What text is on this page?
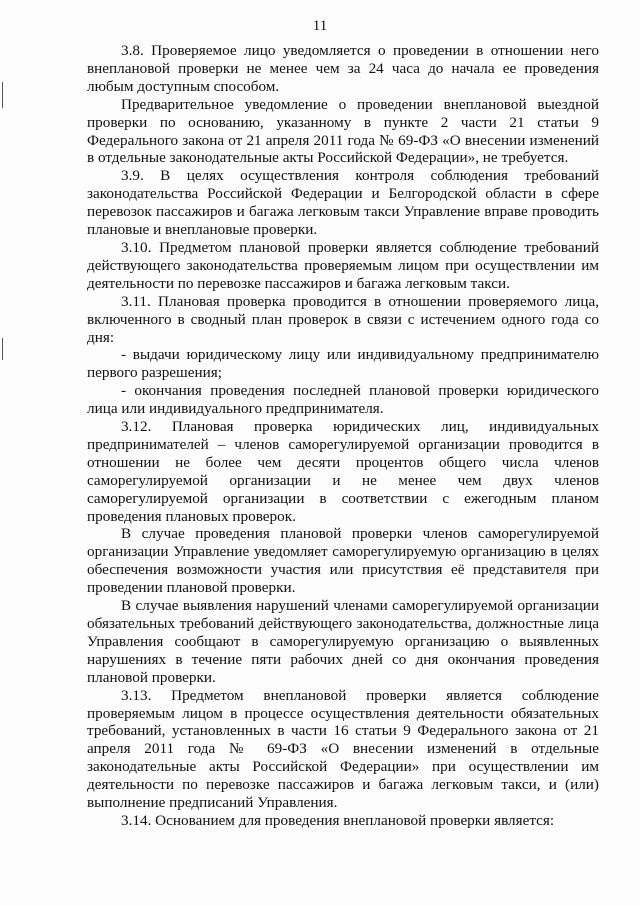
11

3.8. Проверяемое лицо уведомляется о проведении в отношении него внеплановой проверки не менее чем за 24 часа до начала ее проведения любым доступным способом.

Предварительное уведомление о проведении внеплановой выездной проверки по основанию, указанному в пункте 2 части 21 статьи 9 Федерального закона от 21 апреля 2011 года № 69-ФЗ «О внесении изменений в отдельные законодательные акты Российской Федерации», не требуется.

3.9. В целях осуществления контроля соблюдения требований законодательства Российской Федерации и Белгородской области в сфере перевозок пассажиров и багажа легковым такси Управление вправе проводить плановые и внеплановые проверки.

3.10. Предметом плановой проверки является соблюдение требований действующего законодательства проверяемым лицом при осуществлении им деятельности по перевозке пассажиров и багажа легковым такси.

3.11. Плановая проверка проводится в отношении проверяемого лица, включенного в сводный план проверок в связи с истечением одного года со дня:

- выдачи юридическому лицу или индивидуальному предпринимателю первого разрешения;

- окончания проведения последней плановой проверки юридического лица или индивидуального предпринимателя.

3.12. Плановая проверка юридических лиц, индивидуальных предпринимателей – членов саморегулируемой организации проводится в отношении не более чем десяти процентов общего числа членов саморегулируемой организации и не менее чем двух членов саморегулируемой организации в соответствии с ежегодным планом проведения плановых проверок.

В случае проведения плановой проверки членов саморегулируемой организации Управление уведомляет саморегулируемую организацию в целях обеспечения возможности участия или присутствия её представителя при проведении плановой проверки.

В случае выявления нарушений членами саморегулируемой организации обязательных требований действующего законодательства, должностные лица Управления сообщают в саморегулируемую организацию о выявленных нарушениях в течение пяти рабочих дней со дня окончания проведения плановой проверки.

3.13. Предметом внеплановой проверки является соблюдение проверяемым лицом в процессе осуществления деятельности обязательных требований, установленных в части 16 статьи 9 Федерального закона от 21 апреля 2011 года № 69-ФЗ «О внесении изменений в отдельные законодательные акты Российской Федерации» при осуществлении им деятельности по перевозке пассажиров и багажа легковым такси, и (или) выполнение предписаний Управления.

3.14. Основанием для проведения внеплановой проверки является:
